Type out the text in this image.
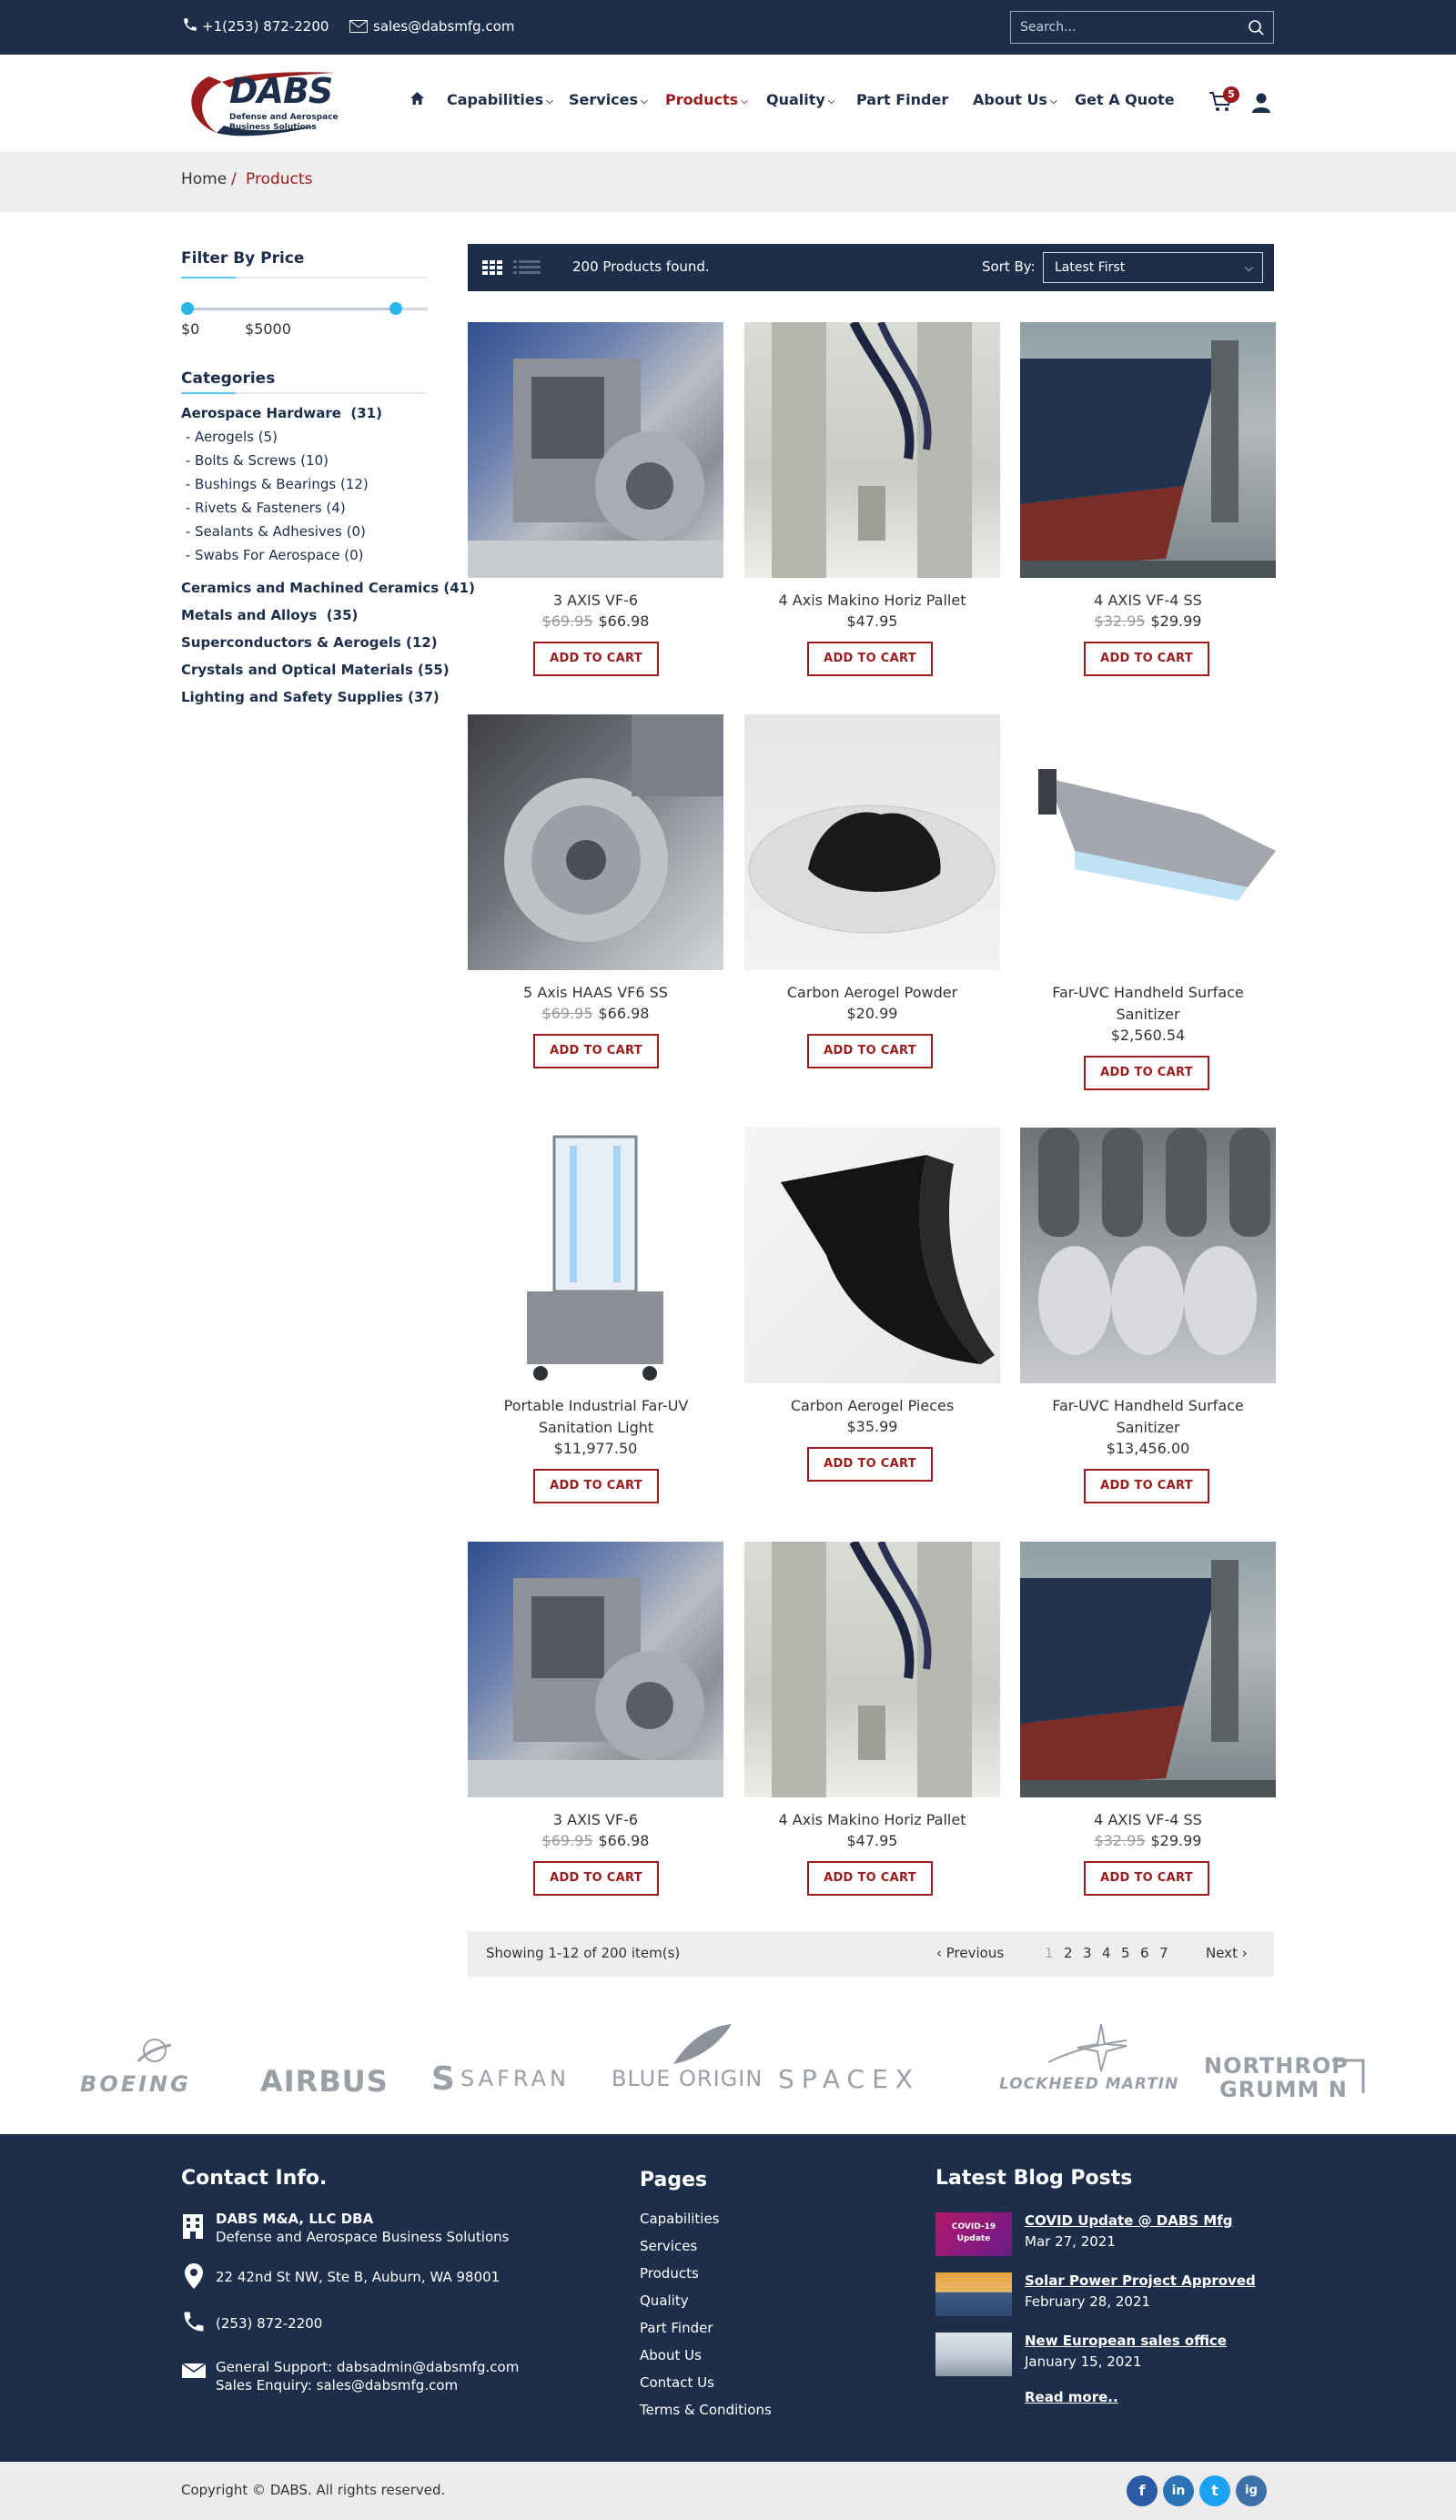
+1(253) 872-2200	sales@dabsmfg.com
Search...
DABS
Defense and Aerospace
Business Solutions
Capabilities ⌵ Services ⌵ Products ⌵ Quality ⌵ Part Finder About Us ⌵ Get A Quote	5
Home / Products
Filter By Price
$0	$5000
Categories
Aerospace Hardware  (31)
- Aerogels (5)
- Bolts & Screws (10)
- Bushings & Bearings (12)
- Rivets & Fasteners (4)
- Sealants & Adhesives (0)
- Swabs For Aerospace (0)
Ceramics and Machined Ceramics (41)
Metals and Alloys  (35)
Superconductors & Aerogels (12)
Crystals and Optical Materials (55)
Lighting and Safety Supplies (37)
200 Products found.	Sort By:	Latest First	⌵
3 AXIS VF-6
$69.95 $66.98
ADD TO CART
4 Axis Makino Horiz Pallet
$47.95
ADD TO CART
4 AXIS VF-4 SS
$32.95 $29.99
ADD TO CART
5 Axis HAAS VF6 SS
$69.95 $66.98
ADD TO CART
Carbon Aerogel Powder
$20.99
ADD TO CART
Far-UVC Handheld Surface Sanitizer
$2,560.54
ADD TO CART
Portable Industrial Far-UV Sanitation Light
$11,977.50
ADD TO CART
Carbon Aerogel Pieces
$35.99
ADD TO CART
Far-UVC Handheld Surface Sanitizer
$13,456.00
ADD TO CART
3 AXIS VF-6
$69.95 $66.98
ADD TO CART
4 Axis Makino Horiz Pallet
$47.95
ADD TO CART
4 AXIS VF-4 SS
$32.95 $29.99
ADD TO CART
Showing 1-12 of 200 item(s)	‹ Previous	1 2 3 4 5 6 7	Next ›
BOEING AIRBUS S SAFRAN BLUE ORIGIN SPACEX	LOCKHEED MARTIN
NORTHROP
GRUMM N
Contact Info.
DABS M&A, LLC DBA
Defense and Aerospace Business Solutions
22 42nd St NW, Ste B, Auburn, WA 98001
(253) 872-2200
General Support: dabsadmin@dabsmfg.com
Sales Enquiry: sales@dabsmfg.com
Pages
Capabilities
Services
Products
Quality
Part Finder
About Us
Contact Us
Terms & Conditions
Latest Blog Posts
COVID-19 Update
COVID Update @ DABS Mfg
Mar 27, 2021
Solar Power Project Approved
February 28, 2021
New European sales office
January 15, 2021
Read more..
Copyright © DABS. All rights reserved.	f	in	t	ig
